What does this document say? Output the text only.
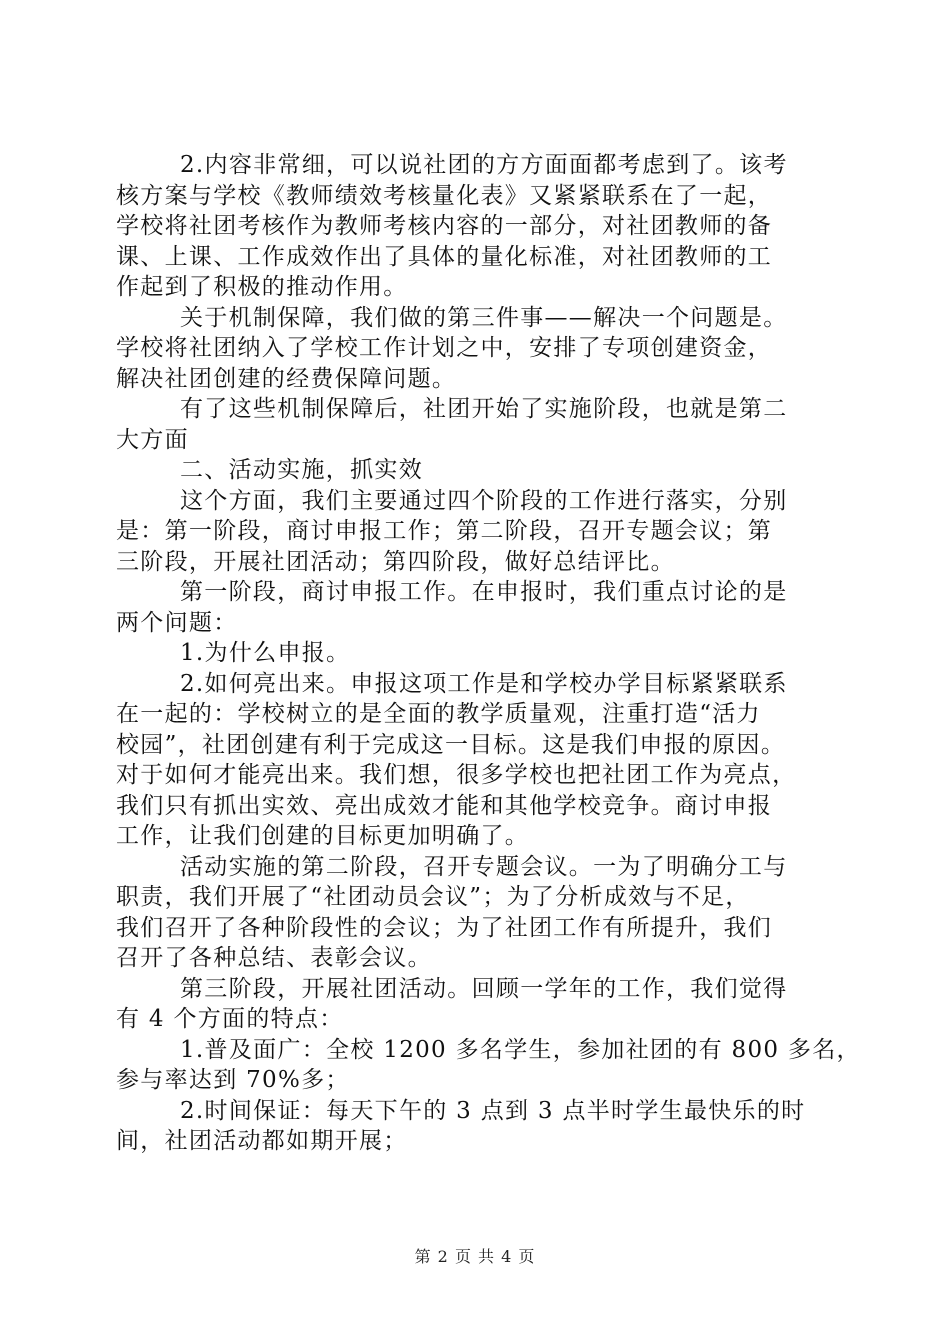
2.内容非常细，可以说社团的方方面面都考虑到了。该考
核方案与学校《教师绩效考核量化表》又紧紧联系在了一起，
学校将社团考核作为教师考核内容的一部分，对社团教师的备
课、上课、工作成效作出了具体的量化标准，对社团教师的工
作起到了积极的推动作用。
关于机制保障，我们做的第三件事——解决一个问题是。
学校将社团纳入了学校工作计划之中，安排了专项创建资金，
解决社团创建的经费保障问题。
有了这些机制保障后，社团开始了实施阶段，也就是第二
大方面
二、活动实施，抓实效
这个方面，我们主要通过四个阶段的工作进行落实，分别
是：第一阶段，商讨申报工作；第二阶段，召开专题会议；第
三阶段，开展社团活动；第四阶段，做好总结评比。
第一阶段，商讨申报工作。在申报时，我们重点讨论的是
两个问题：
1.为什么申报。
2.如何亮出来。申报这项工作是和学校办学目标紧紧联系
在一起的：学校树立的是全面的教学质量观，注重打造“活力
校园”，社团创建有利于完成这一目标。这是我们申报的原因。
对于如何才能亮出来。我们想，很多学校也把社团工作为亮点，
我们只有抓出实效、亮出成效才能和其他学校竞争。商讨申报
工作，让我们创建的目标更加明确了。
活动实施的第二阶段，召开专题会议。一为了明确分工与
职责，我们开展了“社团动员会议”；为了分析成效与不足，
我们召开了各种阶段性的会议；为了社团工作有所提升，我们
召开了各种总结、表彰会议。
第三阶段，开展社团活动。回顾一学年的工作，我们觉得
有 4 个方面的特点：
1.普及面广：全校 1200 多名学生，参加社团的有 800 多名，
参与率达到 70%多；
2.时间保证：每天下午的 3 点到 3 点半时学生最快乐的时
间，社团活动都如期开展；
第 2 页 共 4 页
